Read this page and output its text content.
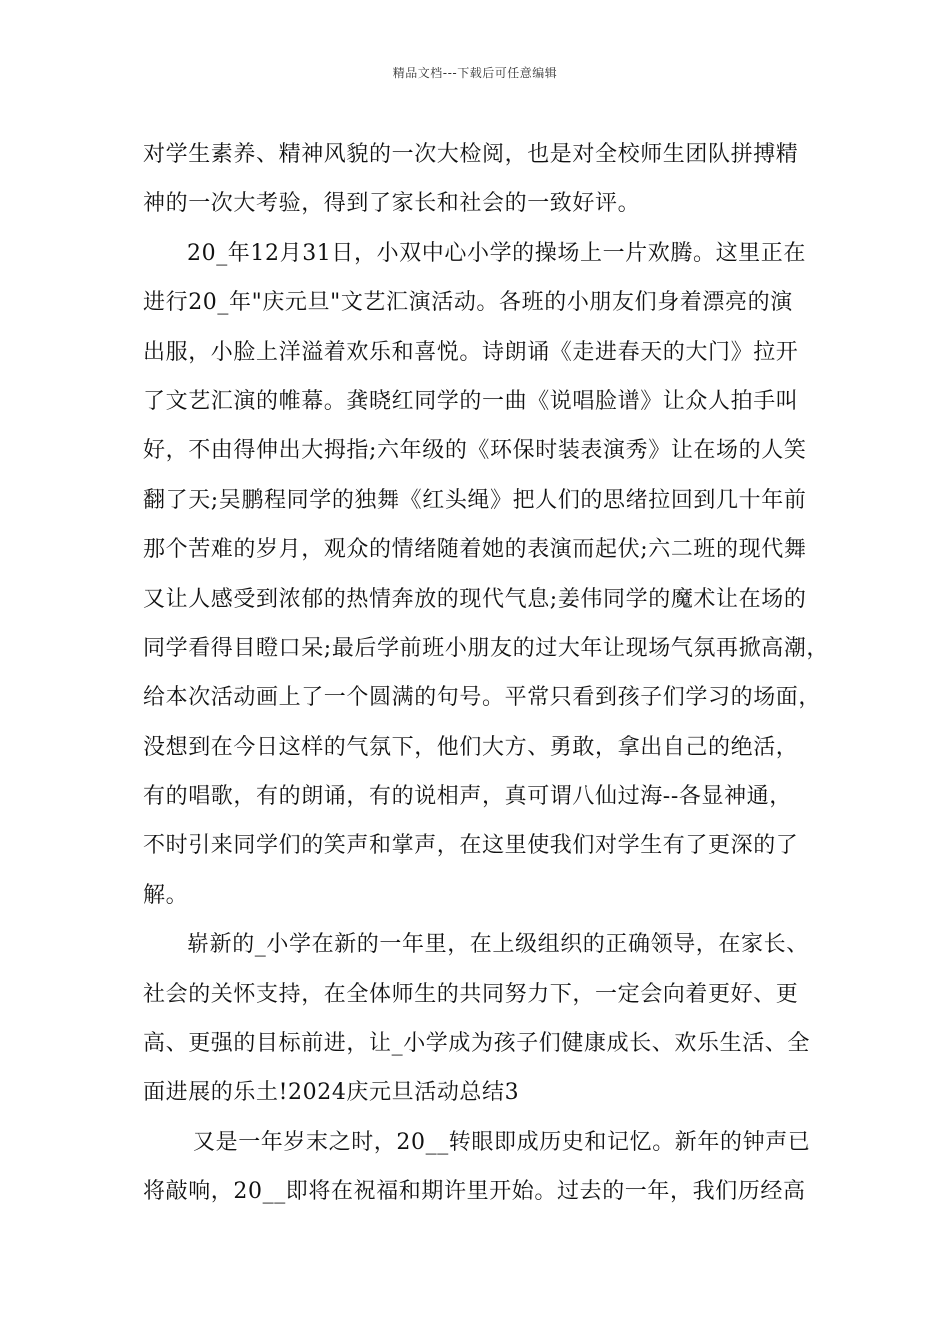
精品文档---下载后可任意编辑
对学生素养、精神风貌的一次大检阅，也是对全校师生团队拼搏精
神的一次大考验，得到了家长和社会的一致好评。
20_年12月31日，小双中心小学的操场上一片欢腾。这里正在
进行20_年"庆元旦"文艺汇演活动。各班的小朋友们身着漂亮的演
出服，小脸上洋溢着欢乐和喜悦。诗朗诵《走进春天的大门》拉开
了文艺汇演的帷幕。龚晓红同学的一曲《说唱脸谱》让众人拍手叫
好，不由得伸出大拇指;六年级的《环保时装表演秀》让在场的人笑
翻了天;吴鹏程同学的独舞《红头绳》把人们的思绪拉回到几十年前
那个苦难的岁月，观众的情绪随着她的表演而起伏;六二班的现代舞
又让人感受到浓郁的热情奔放的现代气息;姜伟同学的魔术让在场的
同学看得目瞪口呆;最后学前班小朋友的过大年让现场气氛再掀高潮，
给本次活动画上了一个圆满的句号。平常只看到孩子们学习的场面，
没想到在今日这样的气氛下，他们大方、勇敢，拿出自己的绝活，
有的唱歌，有的朗诵，有的说相声，真可谓八仙过海--各显神通，
不时引来同学们的笑声和掌声，在这里使我们对学生有了更深的了
解。
崭新的_小学在新的一年里，在上级组织的正确领导，在家长、
社会的关怀支持，在全体师生的共同努力下，一定会向着更好、更
高、更强的目标前进，让_小学成为孩子们健康成长、欢乐生活、全
面进展的乐土!2024庆元旦活动总结3
又是一年岁末之时，20__转眼即成历史和记忆。新年的钟声已
将敲响，20__即将在祝福和期许里开始。过去的一年，我们历经高
